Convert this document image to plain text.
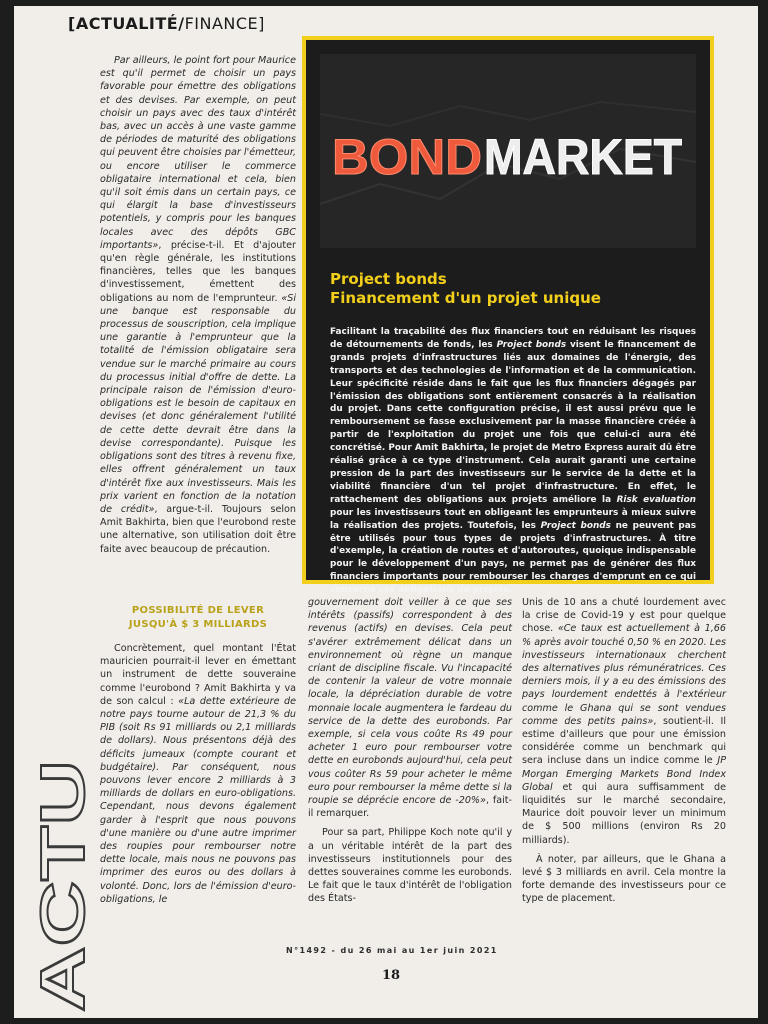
[ACTUALITÉ/FINANCE]
ACTU

Par ailleurs, le point fort pour Maurice est qu'il permet de choisir un pays favorable pour émettre des obligations et des devises. Par exemple, on peut choisir un pays avec des taux d'intérêt bas, avec un accès à une vaste gamme de périodes de maturité des obligations qui peuvent être choisies par l'émetteur, ou encore utiliser le commerce obligataire international et cela, bien qu'il soit émis dans un certain pays, ce qui élargit la base d'investisseurs potentiels, y compris pour les banques locales avec des dépôts GBC importants», précise-t-il. Et d'ajouter qu'en règle générale, les institutions financières, telles que les banques d'investissement, émettent des obligations au nom de l'emprunteur. «Si une banque est responsable du processus de souscription, cela implique une garantie à l'emprunteur que la totalité de l'émission obligataire sera vendue sur le marché primaire au cours du processus initial d'offre de dette. La principale raison de l'émission d'euro-obligations est le besoin de capitaux en devises (et donc généralement l'utilité de cette dette devrait être dans la devise correspondante). Puisque les obligations sont des titres à revenu fixe, elles offrent généralement un taux d'intérêt fixe aux investisseurs. Mais les prix varient en fonction de la notation de crédit», argue-t-il. Toujours selon Amit Bakhirta, bien que l'eurobond reste une alternative, son utilisation doit être faite avec beaucoup de précaution.

BOND MARKET
Project bonds
Financement d'un projet unique
Facilitant la traçabilité des flux financiers tout en réduisant les risques de détournements de fonds, les Project bonds visent le financement de grands projets d'infrastructures liés aux domaines de l'énergie, des transports et des technologies de l'information et de la communication. Leur spécificité réside dans le fait que les flux financiers dégagés par l'émission des obligations sont entièrement consacrés à la réalisation du projet. Dans cette configuration précise, il est aussi prévu que le remboursement se fasse exclusivement par la masse financière créée à partir de l'exploitation du projet une fois que celui-ci aura été concrétisé. Pour Amit Bakhirta, le projet de Metro Express aurait dû être réalisé grâce à ce type d'instrument. Cela aurait garanti une certaine pression de la part des investisseurs sur le service de la dette et la viabilité financière d'un tel projet d'infrastructure. En effet, le rattachement des obligations aux projets améliore la Risk evaluation pour les investisseurs tout en obligeant les emprunteurs à mieux suivre la réalisation des projets. Toutefois, les Project bonds ne peuvent pas être utilisés pour tous types de projets d'infrastructures. À titre d'exemple, la création de routes et d'autoroutes, quoique indispensable pour le développement d'un pays, ne permet pas de générer des flux financiers importants pour rembourser les charges d'emprunt en ce qui concerne ces obligations de projets.
POSSIBILITÉ DE LEVER
JUSQU'À $ 3 MILLIARDS

Concrètement, quel montant l'État mauricien pourrait-il lever en émettant un instrument de dette souveraine comme l'eurobond ? Amit Bakhirta y va de son calcul : «La dette extérieure de notre pays tourne autour de 21,3 % du PIB (soit Rs 91 milliards ou 2,1 milliards de dollars). Nous présentons déjà des déficits jumeaux (compte courant et budgétaire). Par conséquent, nous pouvons lever encore 2 milliards à 3 milliards de dollars en euro-obligations. Cependant, nous devons également garder à l'esprit que nous pouvons d'une manière ou d'une autre imprimer des roupies pour rembourser notre dette locale, mais nous ne pouvons pas imprimer des euros ou des dollars à volonté. Donc, lors de l'émission d'euro-obligations, le

gouvernement doit veiller à ce que ses intérêts (passifs) correspondent à des revenus (actifs) en devises. Cela peut s'avérer extrêmement délicat dans un environnement où règne un manque criant de discipline fiscale. Vu l'incapacité de contenir la valeur de votre monnaie locale, la dépréciation durable de votre monnaie locale augmentera le fardeau du service de la dette des eurobonds. Par exemple, si cela vous coûte Rs 49 pour acheter 1 euro pour rembourser votre dette en eurobonds aujourd'hui, cela peut vous coûter Rs 59 pour acheter le même euro pour rembourser la même dette si la roupie se déprécie encore de -20%», fait-il remarquer.

Pour sa part, Philippe Koch note qu'il y a un véritable intérêt de la part des investisseurs institutionnels pour des dettes souveraines comme les eurobonds. Le fait que le taux d'intérêt de l'obligation des États-

Unis de 10 ans a chuté lourdement avec la crise de Covid-19 y est pour quelque chose. «Ce taux est actuellement à 1,66 % après avoir touché 0,50 % en 2020. Les investisseurs internationaux cherchent des alternatives plus rémunératrices. Ces derniers mois, il y a eu des émissions des pays lourdement endettés à l'extérieur comme le Ghana qui se sont vendues comme des petits pains», soutient-il. Il estime d'ailleurs que pour une émission considérée comme un benchmark qui sera incluse dans un indice comme le JP Morgan Emerging Markets Bond Index Global et qui aura suffisamment de liquidités sur le marché secondaire, Maurice doit pouvoir lever un minimum de $ 500 millions (environ Rs 20 milliards).

À noter, par ailleurs, que le Ghana a levé $ 3 milliards en avril. Cela montre la forte demande des investisseurs pour ce type de placement.

N°1492 - du 26 mai au 1er juin 2021
18
